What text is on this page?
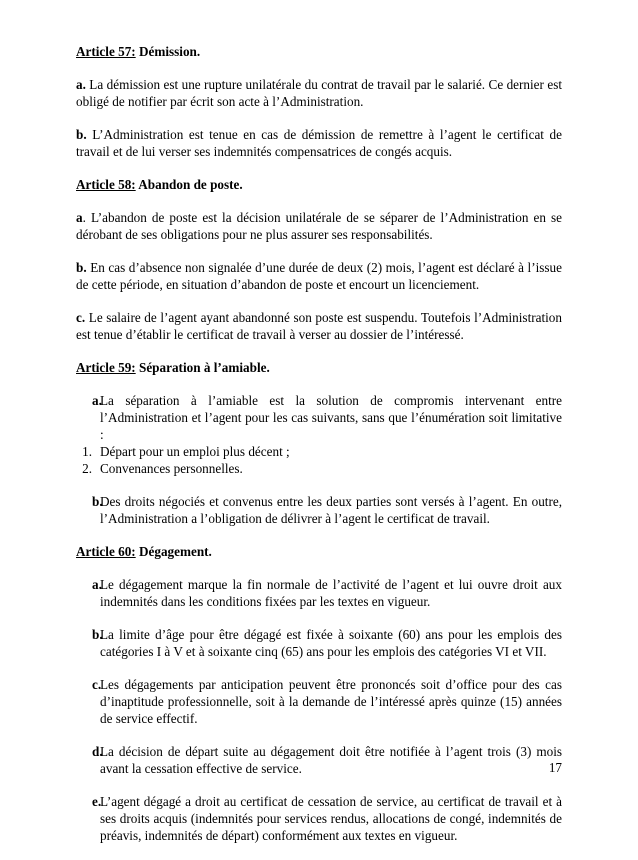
Article 57: Démission.

a. La démission est une rupture unilatérale du contrat de travail par le salarié. Ce dernier est obligé de notifier par écrit son acte à l’Administration.

b. L’Administration est tenue en cas de démission de remettre à l’agent le certificat de travail et de lui verser ses indemnités compensatrices de congés acquis.

Article 58: Abandon de poste.

a. L’abandon de poste est la décision unilatérale de se séparer de l’Administration en se dérobant de ses obligations pour ne plus assurer ses responsabilités.

b. En cas d’absence non signalée d’une durée de deux (2) mois, l’agent est déclaré à l’issue de cette période, en situation d’abandon de poste et encourt un licenciement.

c. Le salaire de l’agent ayant abandonné son poste est suspendu. Toutefois l’Administration est tenue d’établir le certificat de travail à verser au dossier de l’intéressé.

Article 59: Séparation à l’amiable.
a.
La séparation à l’amiable est la solution de compromis intervenant entre l’Administration et l’agent pour les cas suivants, sans que l’énumération soit limitative :
1. Départ pour un emploi plus décent ;
2. Convenances personnelles.
b.
Des droits négociés et convenus entre les deux parties sont versés à l’agent. En outre, l’Administration a l’obligation de délivrer à l’agent le certificat de travail.
Article 60: Dégagement.
a.
Le dégagement marque la fin normale de l’activité de l’agent et lui ouvre droit aux indemnités dans les conditions fixées par les textes en vigueur.
b.
La limite d’âge pour être dégagé est fixée à soixante (60) ans pour les emplois des catégories I à V et à soixante cinq (65) ans pour les emplois des catégories VI et VII.
c.
Les dégagements par anticipation peuvent être prononcés soit d’office pour des cas d’inaptitude professionnelle, soit à la demande de l’intéressé après quinze (15) années de service effectif.
d.
La décision de départ suite au dégagement doit être notifiée à l’agent trois (3) mois avant la cessation effective de service.
e.
L’agent dégagé a droit au certificat de cessation de service, au certificat de travail et à ses droits acquis (indemnités pour services rendus, allocations de congé, indemnités de préavis, indemnités de départ) conformément aux textes en vigueur.
17
